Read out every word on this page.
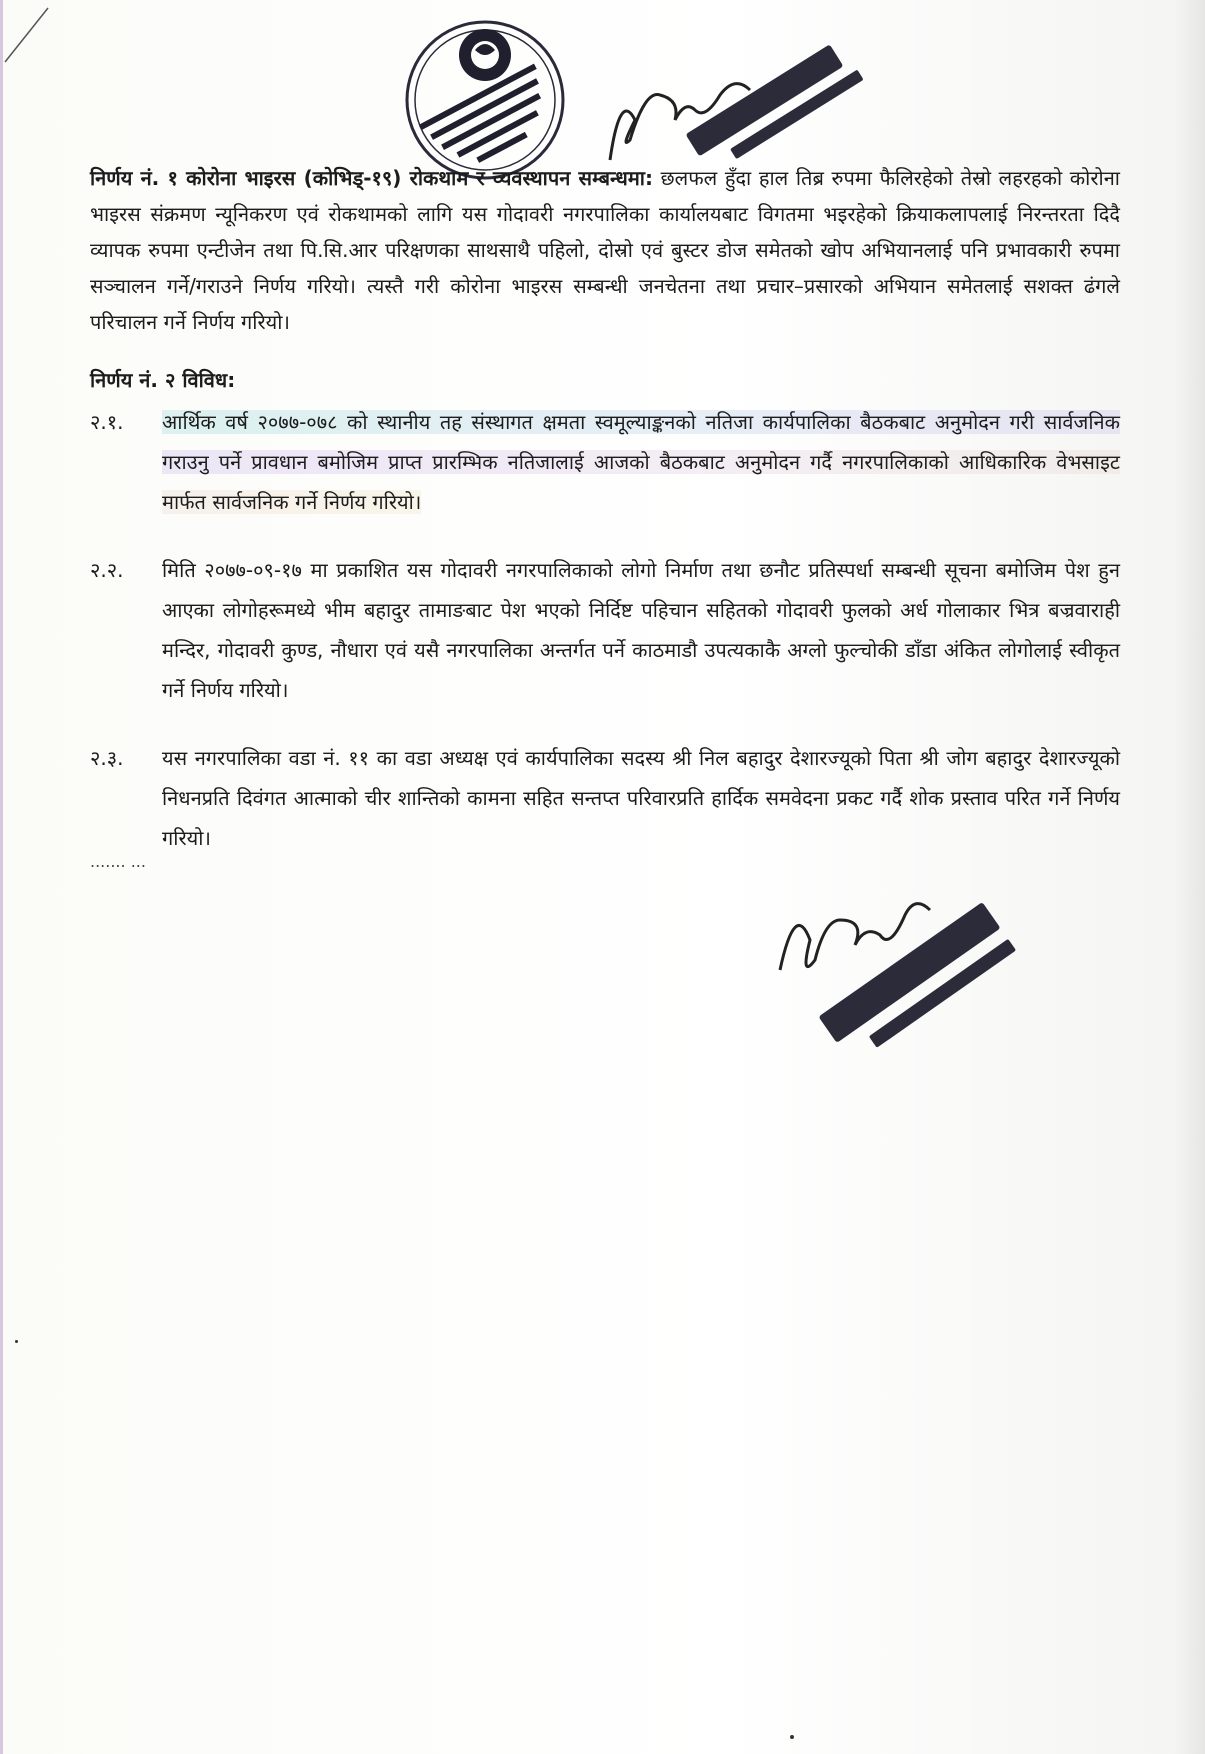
निर्णय नं. १ कोरोना भाइरस (कोभिड्-१९) रोकथाम र व्यवस्थापन सम्बन्धमा: छलफल हुँदा हाल तिब्र रुपमा फैलिरहेको तेस्रो लहरहको कोरोना भाइरस संक्रमण न्यूनिकरण एवं रोकथामको लागि यस गोदावरी नगरपालिका कार्यालयबाट विगतमा भइरहेको क्रियाकलापलाई निरन्तरता दिदै व्यापक रुपमा एन्टीजेन तथा पि.सि.आर परिक्षणका साथसाथै पहिलो, दोस्रो एवं बुस्टर डोज समेतको खोप अभियानलाई पनि प्रभावकारी रुपमा सञ्चालन गर्ने/गराउने निर्णय गरियो। त्यस्तै गरी कोरोना भाइरस सम्बन्धी जनचेतना तथा प्रचार–प्रसारको अभियान समेतलाई सशक्त ढंगले परिचालन गर्ने निर्णय गरियो।

निर्णय नं. २ विविध:

२.१. आर्थिक वर्ष २०७७-०७८ को स्थानीय तह संस्थागत क्षमता स्वमूल्याङ्कनको नतिजा कार्यपालिका बैठकबाट अनुमोदन गरी सार्वजनिक गराउनु पर्ने प्रावधान बमोजिम प्राप्त प्रारम्भिक नतिजालाई आजको बैठकबाट अनुमोदन गर्दै नगरपालिकाको आधिकारिक वेभसाइट मार्फत सार्वजनिक गर्ने निर्णय गरियो।
२.२. मिति २०७७-०९-१७ मा प्रकाशित यस गोदावरी नगरपालिकाको लोगो निर्माण तथा छनौट प्रतिस्पर्धा सम्बन्धी सूचना बमोजिम पेश हुन आएका लोगोहरूमध्ये भीम बहादुर तामाङबाट पेश भएको निर्दिष्ट पहिचान सहितको गोदावरी फुलको अर्ध गोलाकार भित्र बज्रवाराही मन्दिर, गोदावरी कुण्ड, नौधारा एवं यसै नगरपालिका अन्तर्गत पर्ने काठमाडौ उपत्यकाकै अग्लो फुल्चोकी डाँडा अंकित लोगोलाई स्वीकृत गर्ने निर्णय गरियो।
२.३. यस नगरपालिका वडा नं. ११ का वडा अध्यक्ष एवं कार्यपालिका सदस्य श्री निल बहादुर देशारज्यूको पिता श्री जोग बहादुर देशारज्यूको निधनप्रति दिवंगत आत्माको चीर शान्तिको कामना सहित सन्तप्त परिवारप्रति हार्दिक समवेदना प्रकट गर्दै शोक प्रस्ताव परित गर्ने निर्णय गरियो।
....... ...
